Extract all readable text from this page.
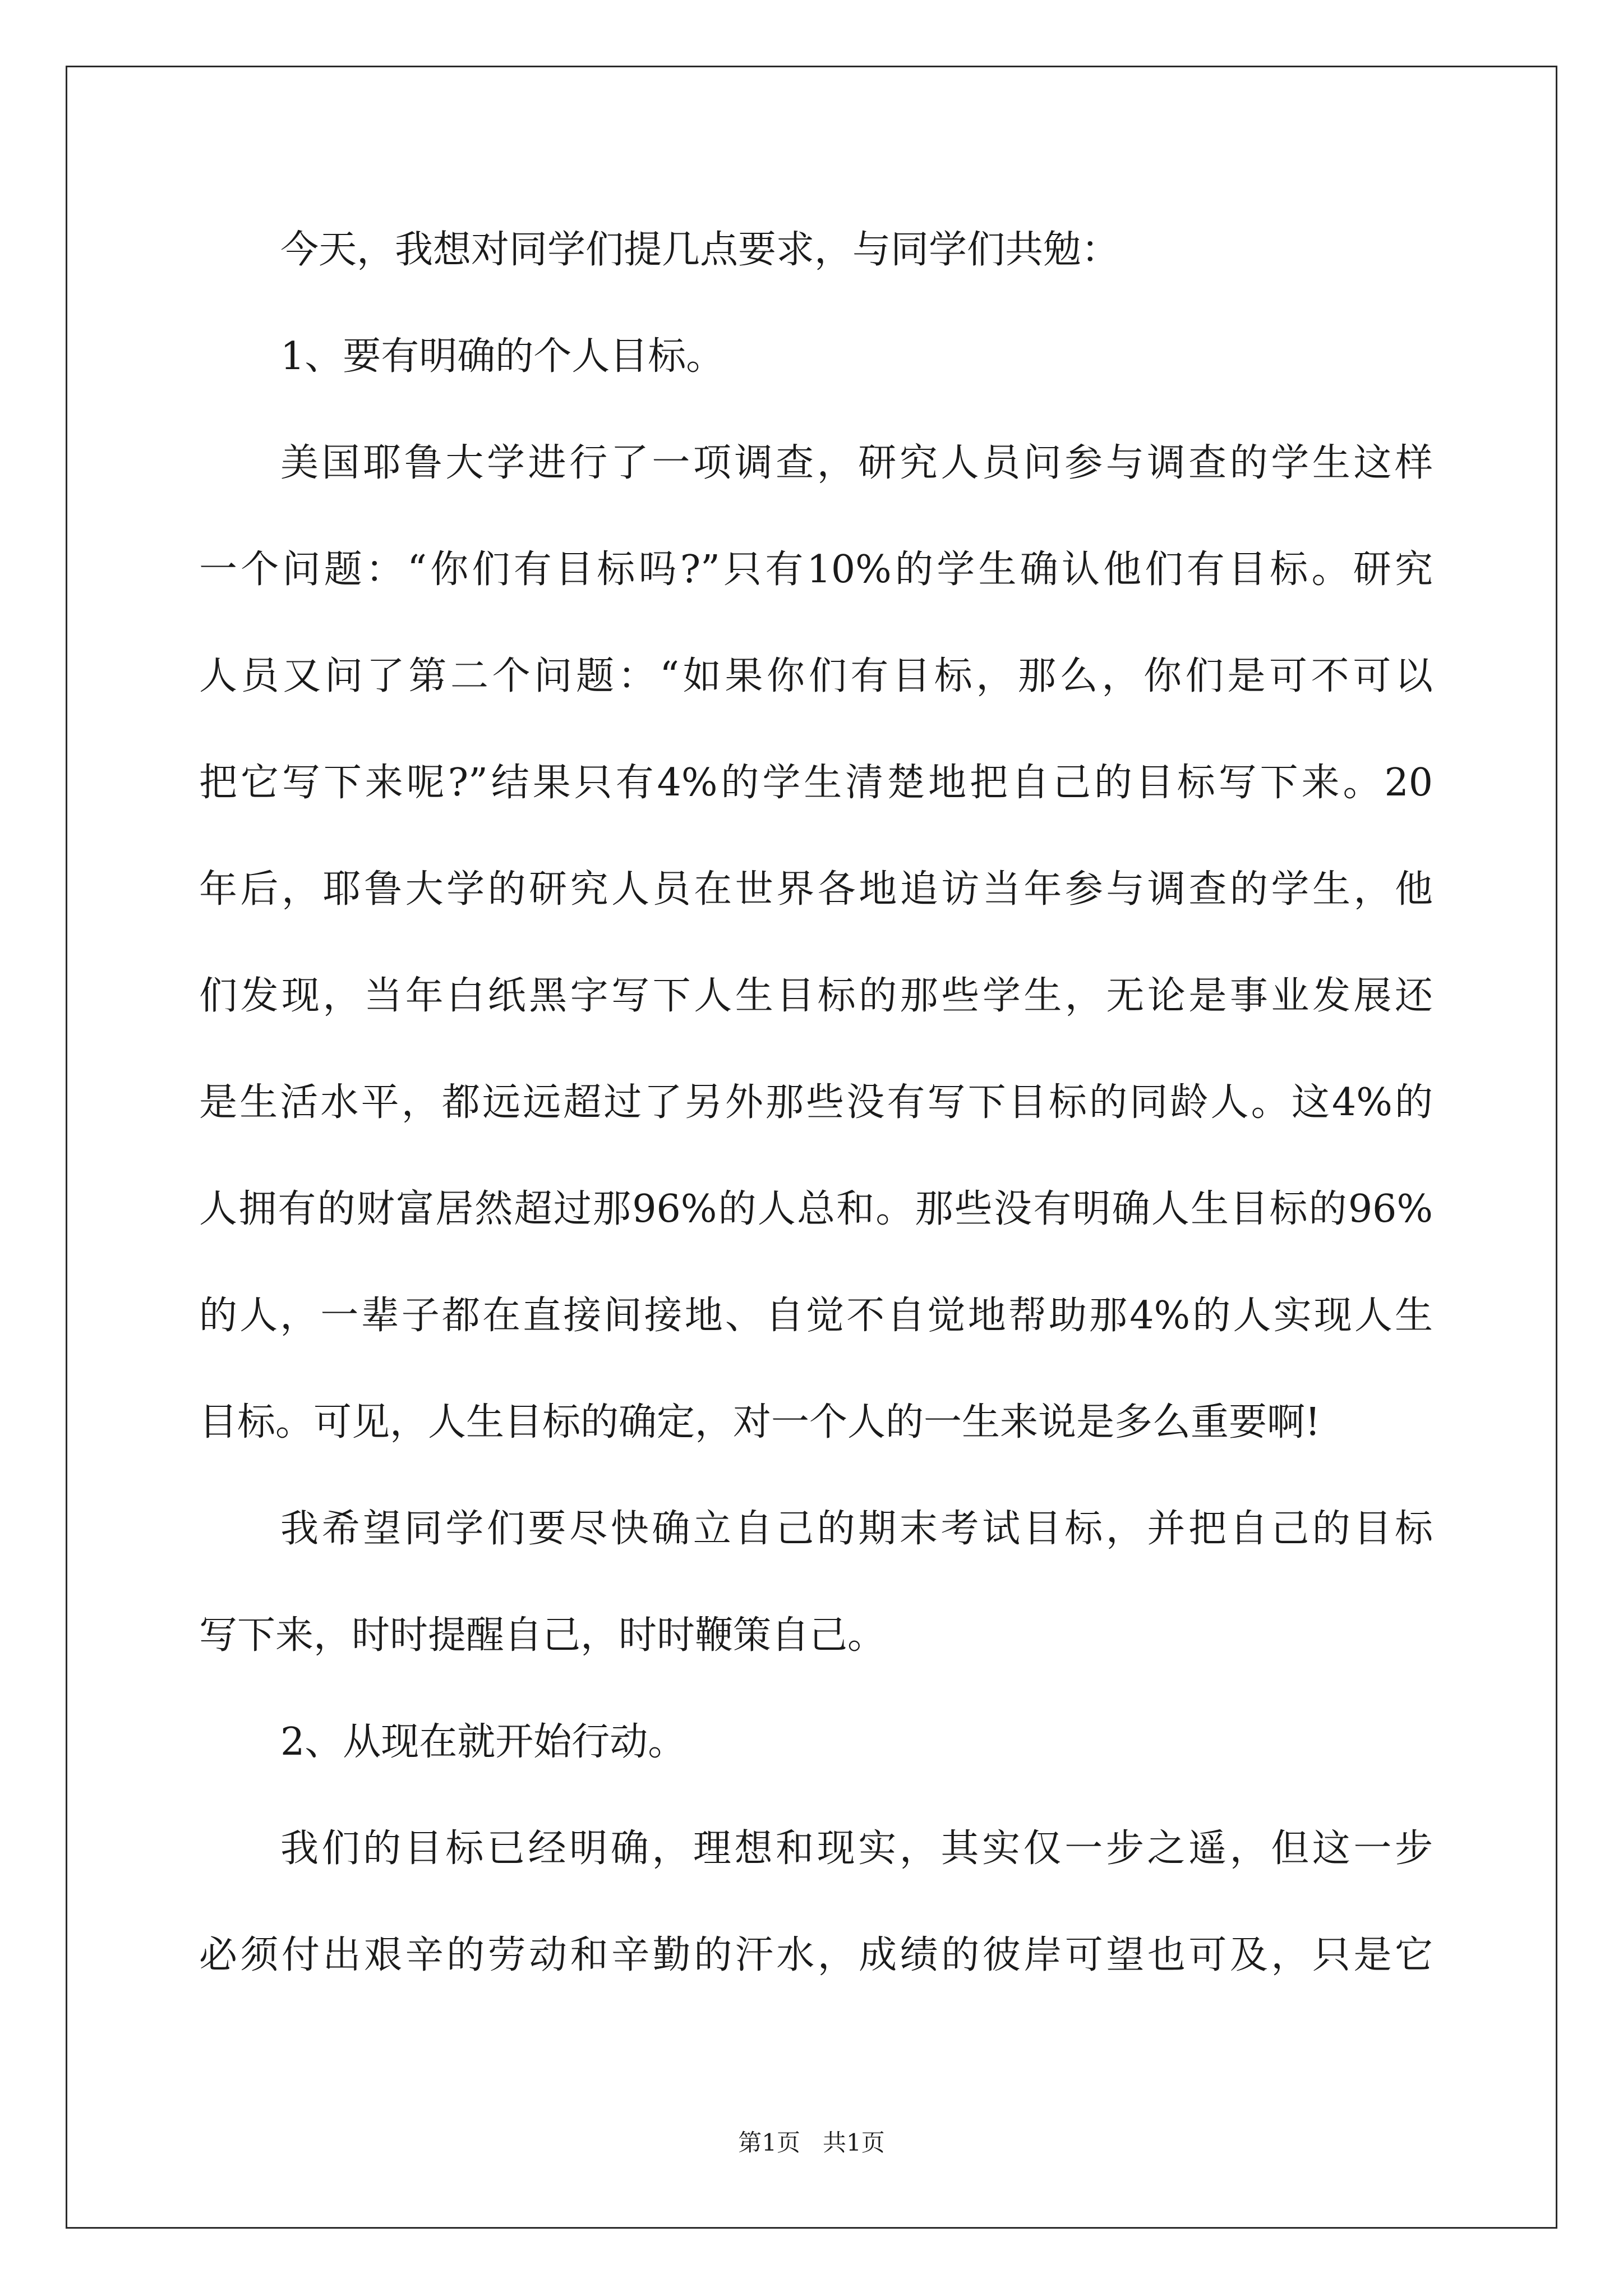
今天，我想对同学们提几点要求，与同学们共勉：
1、要有明确的个人目标。
美国耶鲁大学进行了一项调查，研究人员问参与调查的学生这样
一个问题：“你们有目标吗?”只有10%的学生确认他们有目标。研究
人员又问了第二个问题：“如果你们有目标，那么，你们是可不可以
把它写下来呢?”结果只有4%的学生清楚地把自己的目标写下来。20
年后，耶鲁大学的研究人员在世界各地追访当年参与调查的学生，他
们发现，当年白纸黑字写下人生目标的那些学生，无论是事业发展还
是生活水平，都远远超过了另外那些没有写下目标的同龄人。这4%的
人拥有的财富居然超过那96%的人总和。那些没有明确人生目标的96%
的人，一辈子都在直接间接地、自觉不自觉地帮助那4%的人实现人生
目标。可见，人生目标的确定，对一个人的一生来说是多么重要啊!
我希望同学们要尽快确立自己的期末考试目标，并把自己的目标
写下来，时时提醒自己，时时鞭策自己。
2、从现在就开始行动。
我们的目标已经明确，理想和现实，其实仅一步之遥，但这一步
必须付出艰辛的劳动和辛勤的汗水，成绩的彼岸可望也可及，只是它
第1页   共1页
